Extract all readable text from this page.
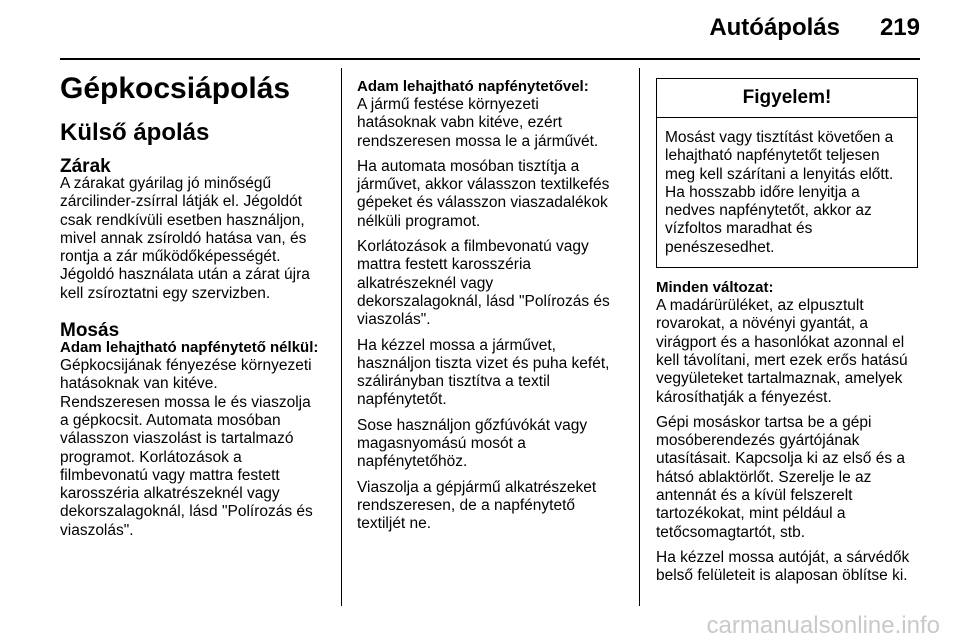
Autóápolás 219
Gépkocsiápolás
Külső ápolás
Zárak

A zárakat gyárilag jó minőségű
zárcilinder-zsírral látják el. Jégoldót
csak rendkívüli esetben használjon,
mivel annak zsíroldó hatása van, és
rontja a zár működőképességét.
Jégoldó használata után a zárat újra
kell zsíroztatni egy szervizben.

Mosás
Adam lehajtható napfénytető nélkül:

Gépkocsijának fényezése környezeti
hatásoknak van kitéve.
Rendszeresen mossa le és viaszolja
a gépkocsit. Automata mosóban
válasszon viaszolást is tartalmazó
programot. Korlátozások a
filmbevonatú vagy mattra festett
karosszéria alkatrészeknél vagy
dekorszalagoknál, lásd "Polírozás és
viaszolás".

Adam lehajtható napfénytetővel:

A jármű festése környezeti
hatásoknak vabn kitéve, ezért
rendszeresen mossa le a járművét.

Ha automata mosóban tisztítja a
járművet, akkor válasszon textilkefés
gépeket és válasszon viaszadalékok
nélküli programot.

Korlátozások a filmbevonatú vagy
mattra festett karosszéria
alkatrészeknél vagy
dekorszalagoknál, lásd "Polírozás és
viaszolás".

Ha kézzel mossa a járművet,
használjon tiszta vizet és puha kefét,
szálirányban tisztítva a textil
napfénytetőt.

Sose használjon gőzfúvókát vagy
magasnyomású mosót a
napfénytetőhöz.

Viaszolja a gépjármű alkatrészeket
rendszeresen, de a napfénytető
textiljét ne.

Figyelem!
Mosást vagy tisztítást követően a
lehajtható napfénytetőt teljesen
meg kell szárítani a lenyitás előtt.
Ha hosszabb időre lenyitja a
nedves napfénytetőt, akkor az
vízfoltos maradhat és
penészesedhet.
Minden változat:

A madárürüléket, az elpusztult
rovarokat, a növényi gyantát, a
virágport és a hasonlókat azonnal el
kell távolítani, mert ezek erős hatású
vegyületeket tartalmaznak, amelyek
károsíthatják a fényezést.

Gépi mosáskor tartsa be a gépi
mosóberendezés gyártójának
utasításait. Kapcsolja ki az első és a
hátsó ablaktörlőt. Szerelje le az
antennát és a kívül felszerelt
tartozékokat, mint például a
tetőcsomagtartót, stb.

Ha kézzel mossa autóját, a sárvédők
belső felületeit is alaposan öblítse ki.

carmanualsonline.info
